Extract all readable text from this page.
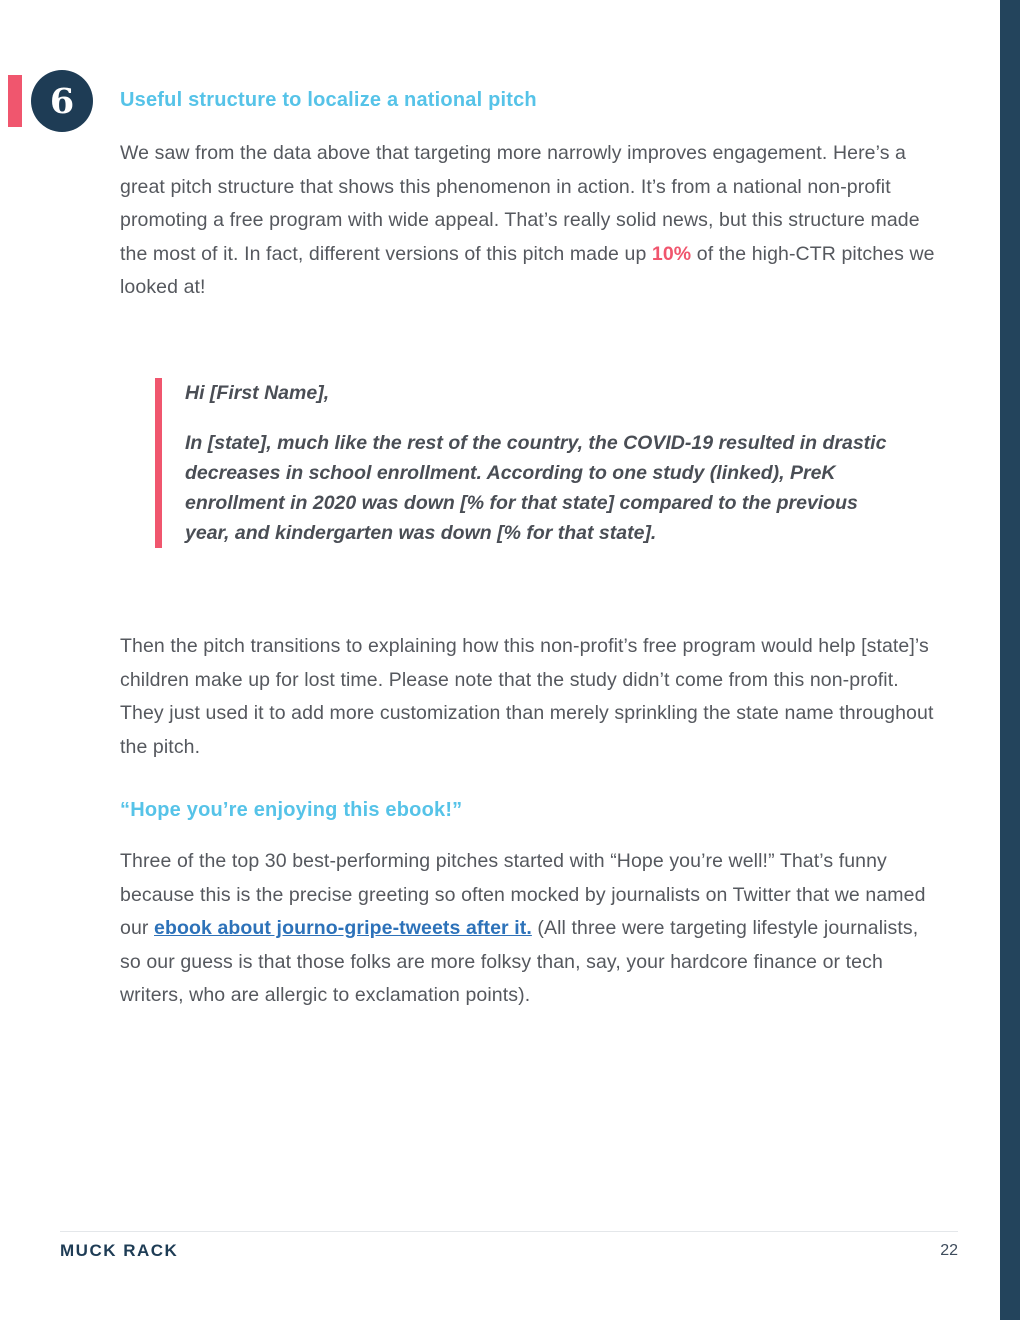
6 Useful structure to localize a national pitch

We saw from the data above that targeting more narrowly improves engagement. Here’s a great pitch structure that shows this phenomenon in action. It’s from a national non-profit promoting a free program with wide appeal. That’s really solid news, but this structure made the most of it. In fact, different versions of this pitch made up 10% of the high-CTR pitches we looked at!

Hi [First Name],

In [state], much like the rest of the country, the COVID-19 resulted in drastic decreases in school enrollment. According to one study (linked), PreK enrollment in 2020 was down [% for that state] compared to the previous year, and kindergarten was down [% for that state].

Then the pitch transitions to explaining how this non-profit’s free program would help [state]’s children make up for lost time. Please note that the study didn’t come from this non-profit. They just used it to add more customization than merely sprinkling the state name throughout the pitch.

“Hope you’re enjoying this ebook!”

Three of the top 30 best-performing pitches started with “Hope you’re well!” That’s funny because this is the precise greeting so often mocked by journalists on Twitter that we named our ebook about journo-gripe-tweets after it. (All three were targeting lifestyle journalists, so our guess is that those folks are more folksy than, say, your hardcore finance or tech writers, who are allergic to exclamation points).

MUCK RACK	22
